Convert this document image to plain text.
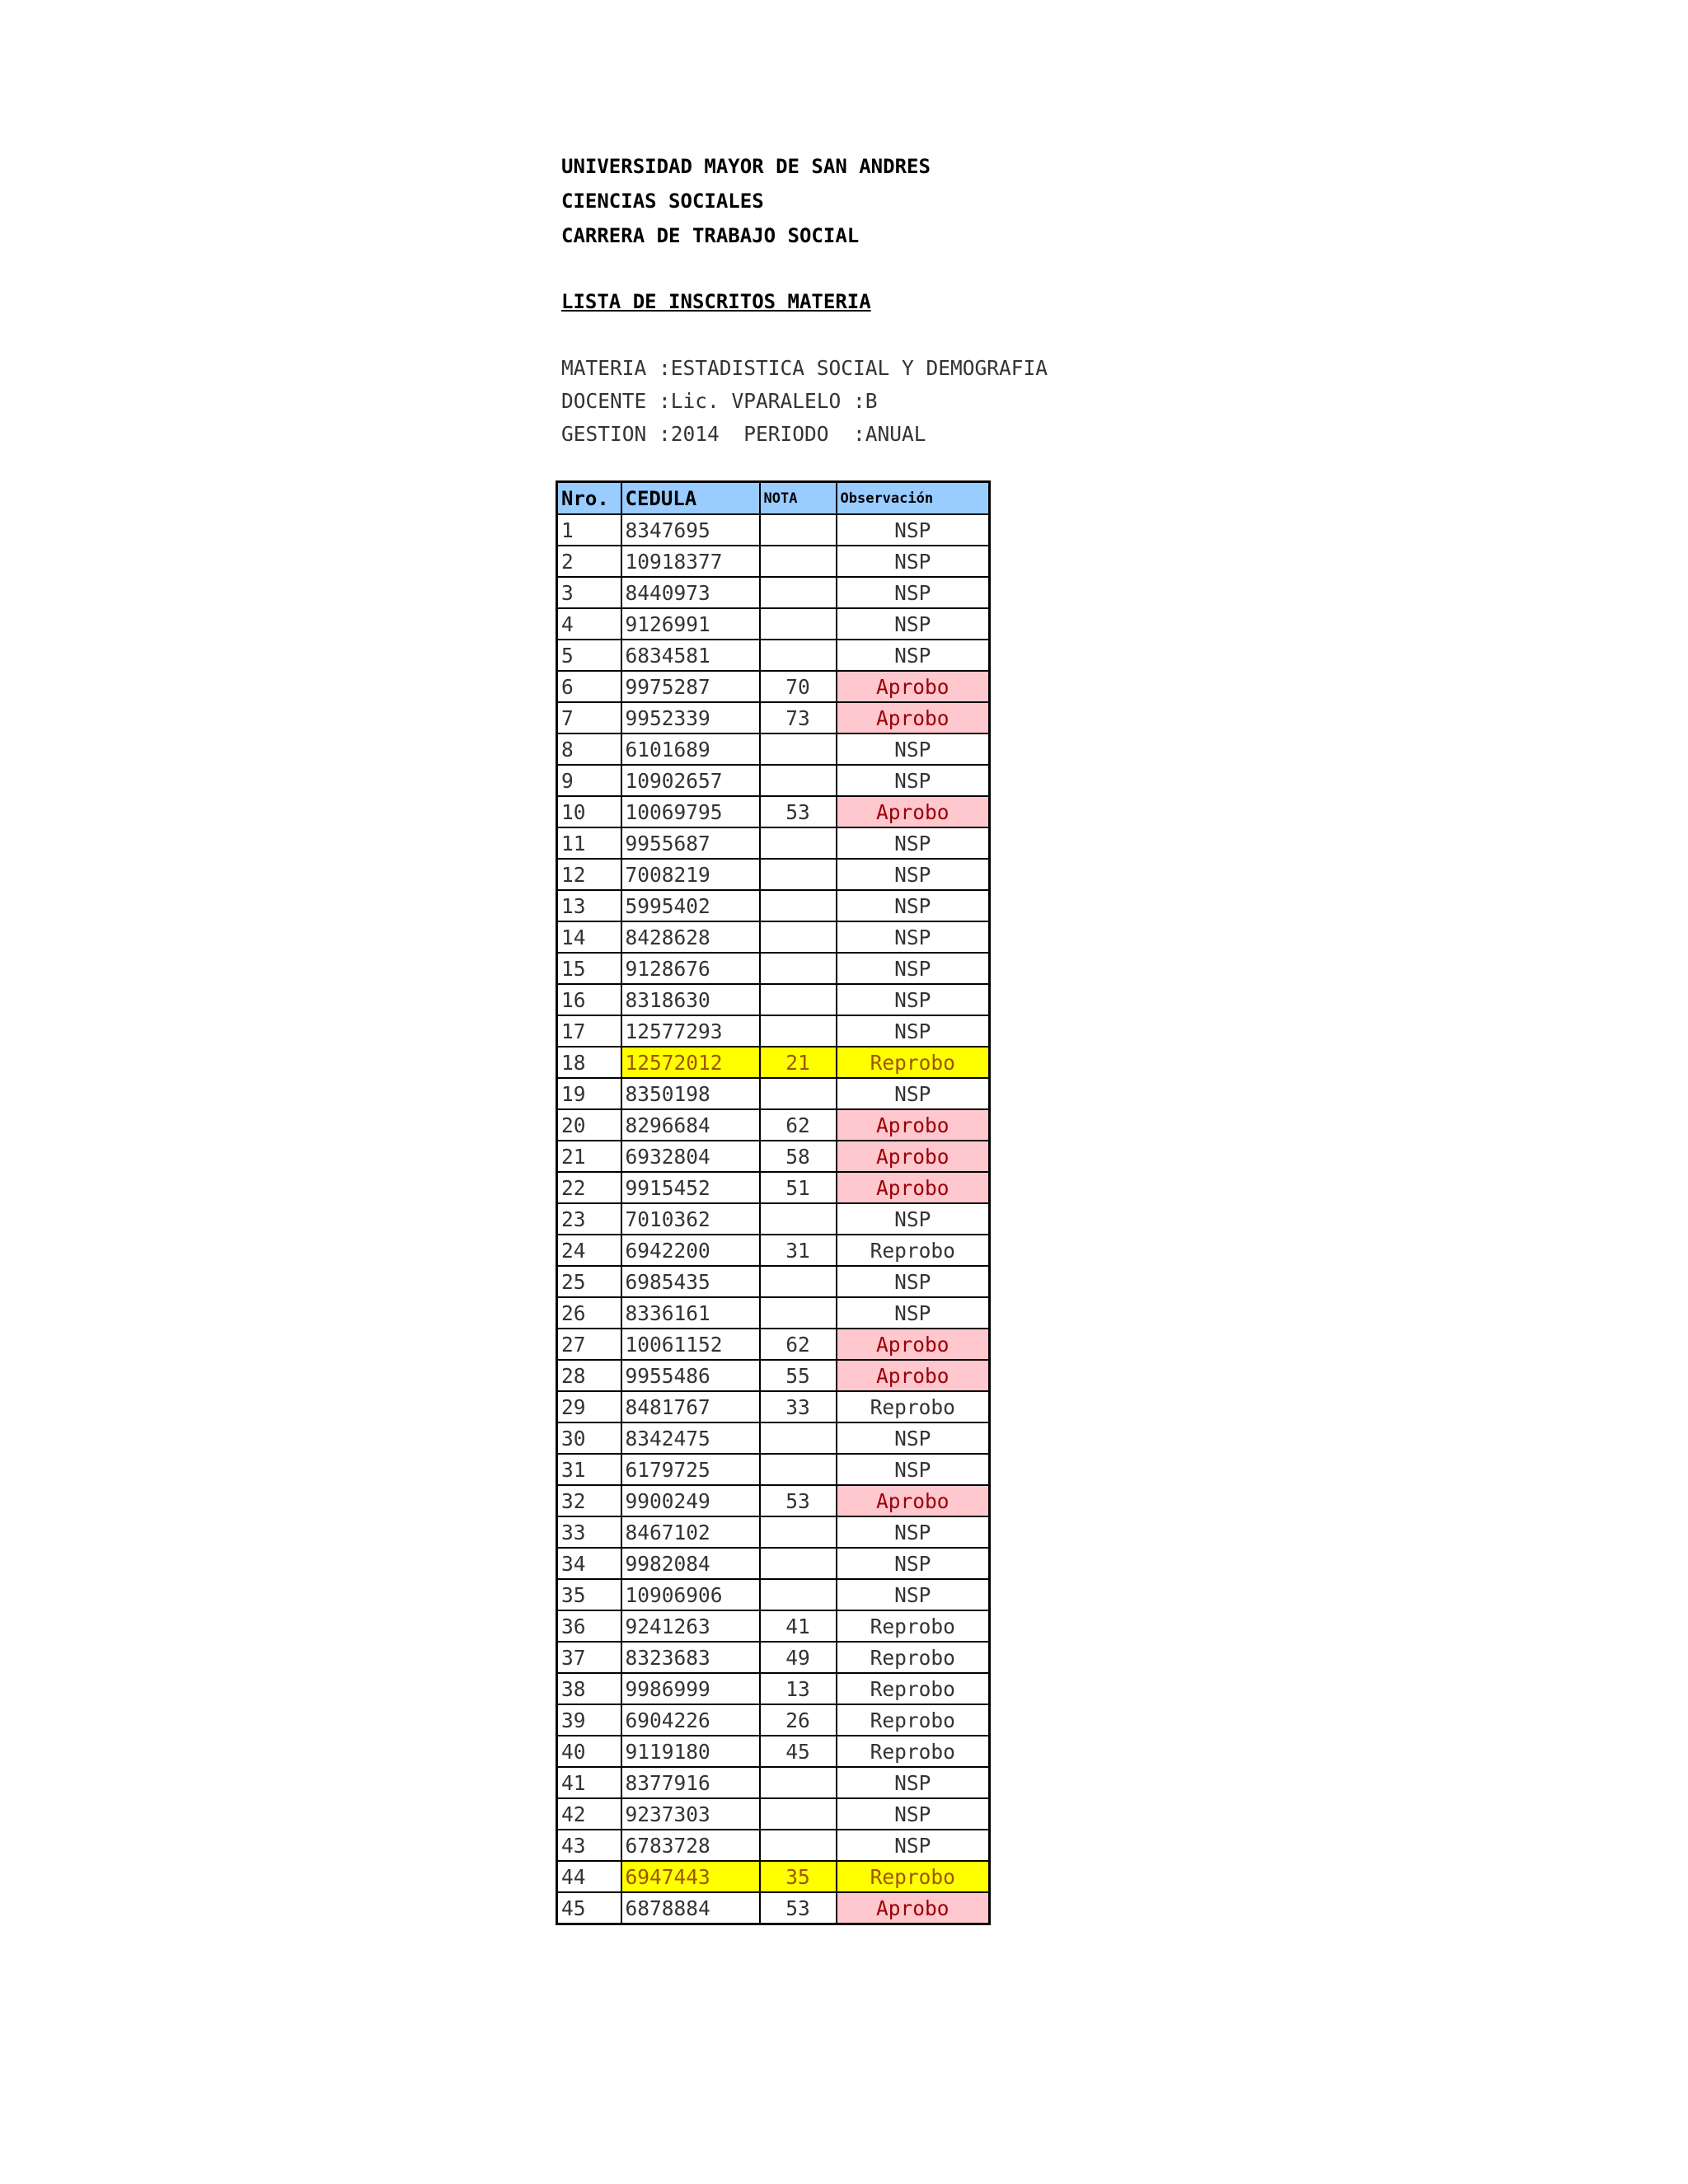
UNIVERSIDAD MAYOR DE SAN ANDRES
CIENCIAS SOCIALES
CARRERA DE TRABAJO SOCIAL
LISTA DE INSCRITOS MATERIA
MATERIA :ESTADISTICA SOCIAL Y DEMOGRAFIA
DOCENTE :Lic. VPARALELO :B
GESTION :2014  PERIODO  :ANUAL
Nro.	CEDULA	NOTA	Observación
1	8347695		NSP
2	10918377		NSP
3	8440973		NSP
4	9126991		NSP
5	6834581		NSP
6	9975287	70	Aprobo
7	9952339	73	Aprobo
8	6101689		NSP
9	10902657		NSP
10	10069795	53	Aprobo
11	9955687		NSP
12	7008219		NSP
13	5995402		NSP
14	8428628		NSP
15	9128676		NSP
16	8318630		NSP
17	12577293		NSP
18	12572012	21	Reprobo
19	8350198		NSP
20	8296684	62	Aprobo
21	6932804	58	Aprobo
22	9915452	51	Aprobo
23	7010362		NSP
24	6942200	31	Reprobo
25	6985435		NSP
26	8336161		NSP
27	10061152	62	Aprobo
28	9955486	55	Aprobo
29	8481767	33	Reprobo
30	8342475		NSP
31	6179725		NSP
32	9900249	53	Aprobo
33	8467102		NSP
34	9982084		NSP
35	10906906		NSP
36	9241263	41	Reprobo
37	8323683	49	Reprobo
38	9986999	13	Reprobo
39	6904226	26	Reprobo
40	9119180	45	Reprobo
41	8377916		NSP
42	9237303		NSP
43	6783728		NSP
44	6947443	35	Reprobo
45	6878884	53	Aprobo
